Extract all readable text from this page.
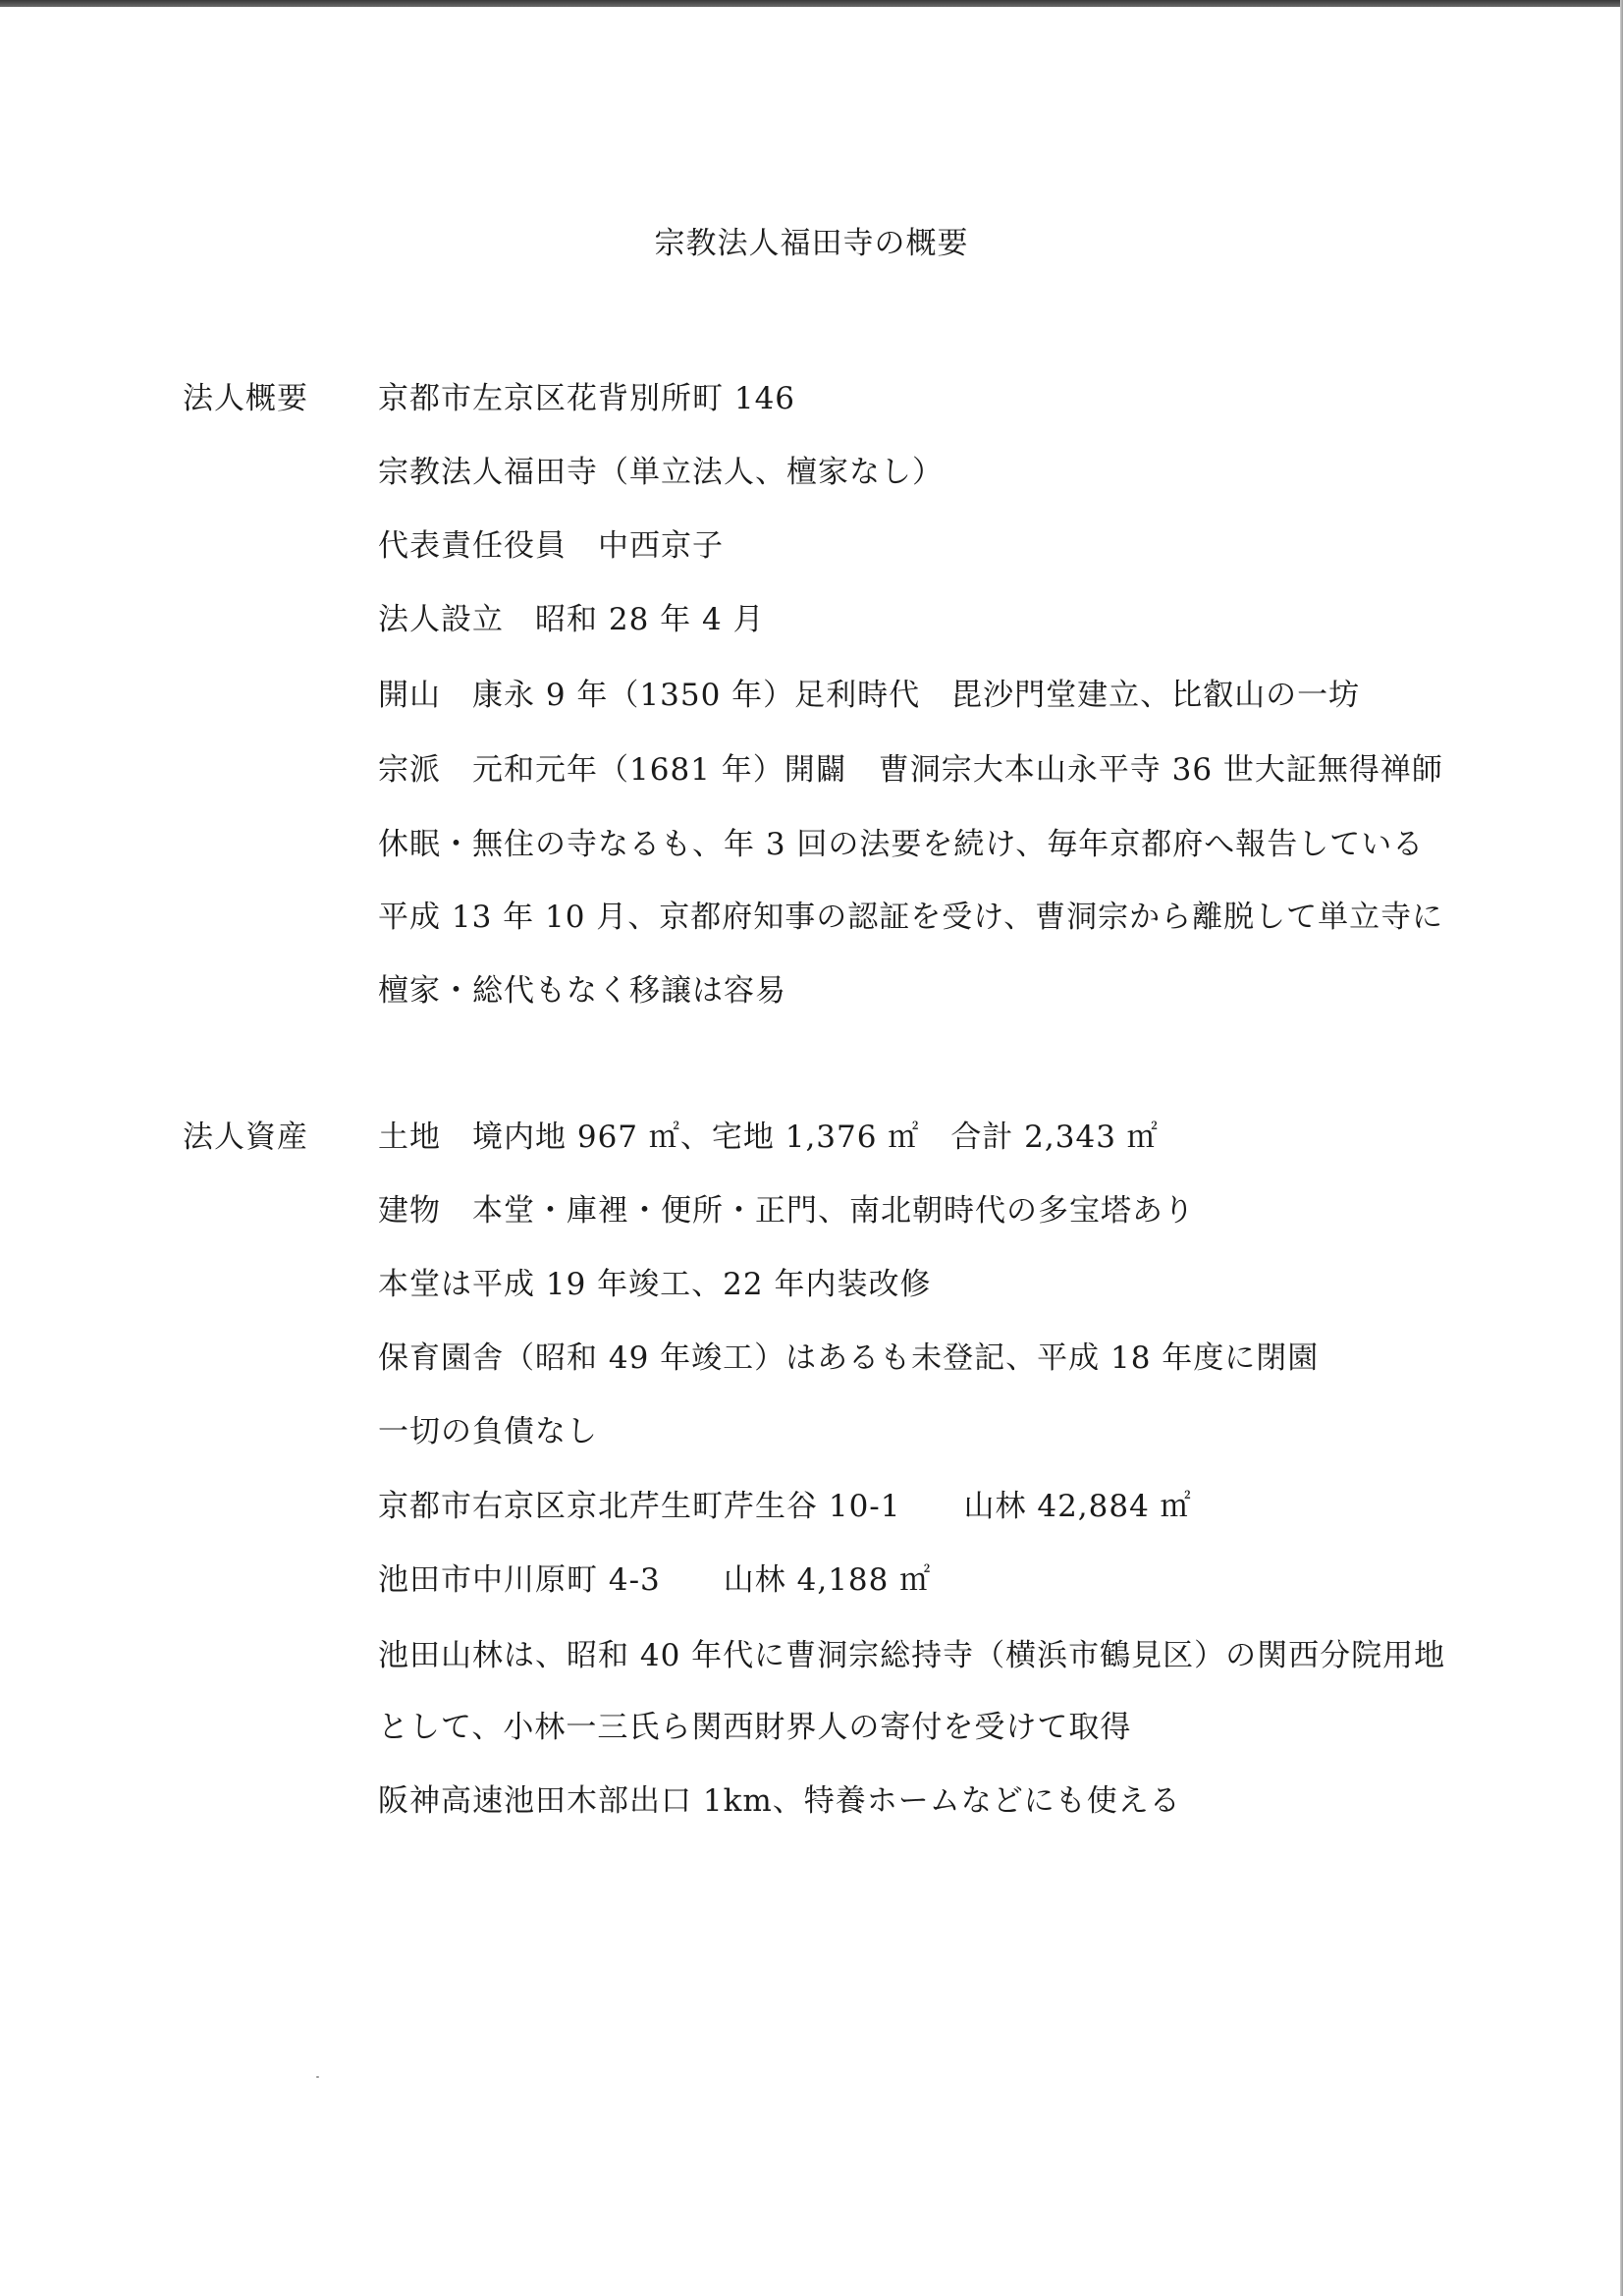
宗教法人福田寺の概要
法人概要 京都市左京区花背別所町 146
宗教法人福田寺（単立法人、檀家なし）
代表責任役員　中西京子
法人設立　昭和 28 年 4 月
開山　康永 9 年（1350 年）足利時代　毘沙門堂建立、比叡山の一坊
宗派　元和元年（1681 年）開闢　曹洞宗大本山永平寺 36 世大証無得禅師
休眠・無住の寺なるも、年 3 回の法要を続け、毎年京都府へ報告している
平成 13 年 10 月、京都府知事の認証を受け、曹洞宗から離脱して単立寺に
檀家・総代もなく移譲は容易
法人資産 土地　境内地 967 ㎡、宅地 1,376 ㎡　合計 2,343 ㎡
建物　本堂・庫裡・便所・正門、南北朝時代の多宝塔あり
本堂は平成 19 年竣工、22 年内装改修
保育園舎（昭和 49 年竣工）はあるも未登記、平成 18 年度に閉園
一切の負債なし
京都市右京区京北芹生町芹生谷 10-1　　山林 42,884 ㎡
池田市中川原町 4-3　　山林 4,188 ㎡
池田山林は、昭和 40 年代に曹洞宗総持寺（横浜市鶴見区）の関西分院用地
として、小林一三氏ら関西財界人の寄付を受けて取得
阪神高速池田木部出口 1km、特養ホームなどにも使える
